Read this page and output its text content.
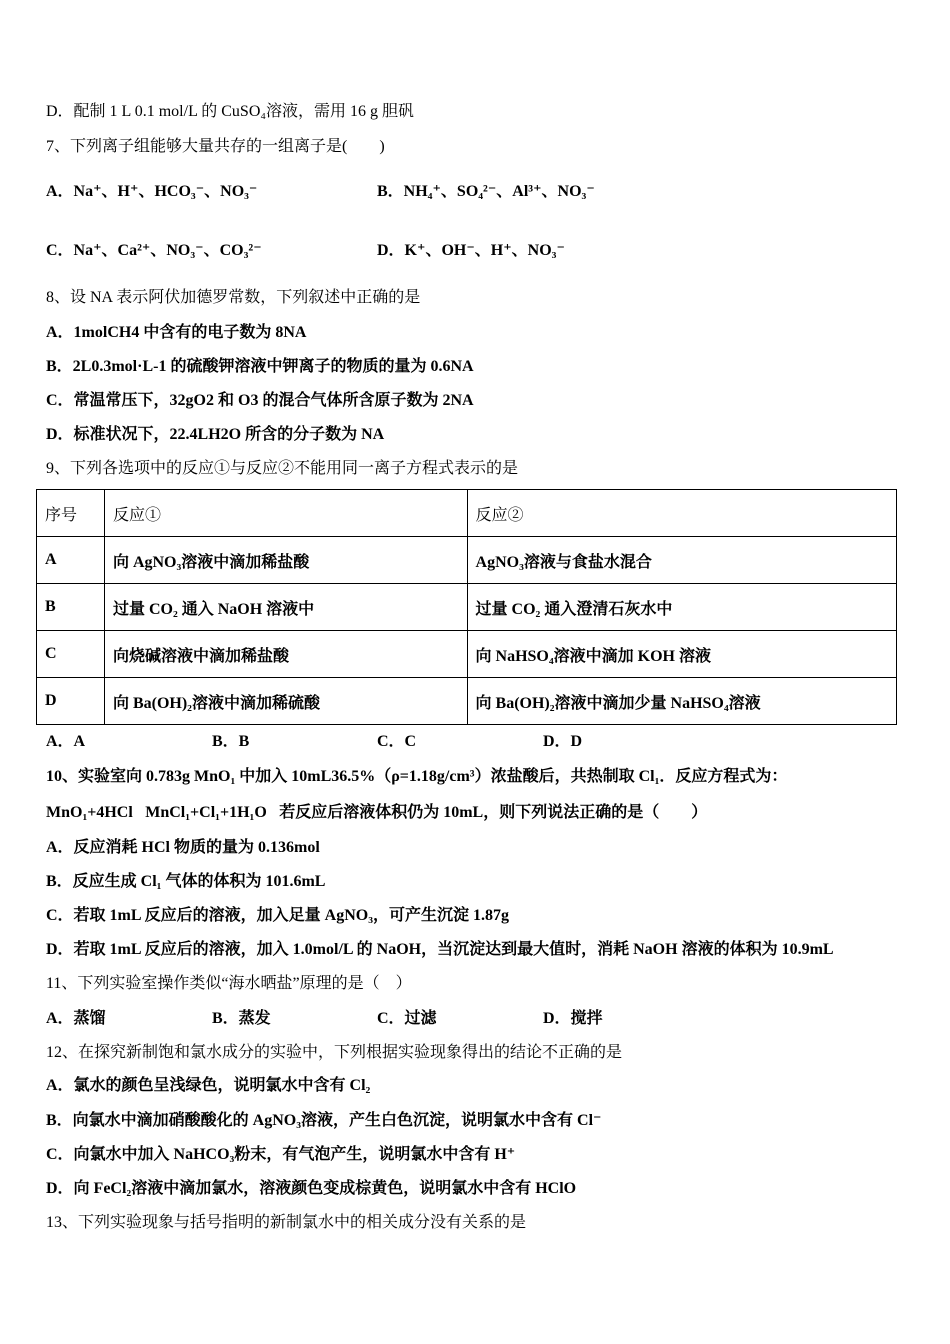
D．配制 1 L 0.1 mol/L 的 CuSO₄溶液，需用 16 g 胆矾
7、下列离子组能够大量共存的一组离子是(　　)
A．Na⁺、H⁺、HCO₃⁻、NO₃⁻	B．NH₄⁺、SO₄²⁻、Al³⁺、NO₃⁻
C．Na⁺、Ca²⁺、NO₃⁻、CO₃²⁻	D．K⁺、OH⁻、H⁺、NO₃⁻
8、设 NA 表示阿伏加德罗常数，下列叙述中正确的是
A．1molCH4 中含有的电子数为 8NA
B．2L0.3mol·L-1 的硫酸钾溶液中钾离子的物质的量为 0.6NA
C．常温常压下，32gO2 和 O3 的混合气体所含原子数为 2NA
D．标准状况下，22.4LH2O 所含的分子数为 NA
9、下列各选项中的反应①与反应②不能用同一离子方程式表示的是
序号	反应①	反应②
A	向 AgNO₃溶液中滴加稀盐酸	AgNO₃溶液与食盐水混合
B	过量 CO₂ 通入 NaOH 溶液中	过量 CO₂ 通入澄清石灰水中
C	向烧碱溶液中滴加稀盐酸	向 NaHSO₄溶液中滴加 KOH 溶液
D	向 Ba(OH)₂溶液中滴加稀硫酸	向 Ba(OH)₂溶液中滴加少量 NaHSO₄溶液
A．A	B．B	C．C	D．D
10、实验室向 0.783g MnO₁ 中加入 10mL36.5%（ρ=1.18g/cm³）浓盐酸后，共热制取 Cl₁．反应方程式为：
MnO₁+4HCl MnCl₁+Cl₁+1H₁O，若反应后溶液体积仍为 10mL，则下列说法正确的是（　　）
A．反应消耗 HCl 物质的量为 0.136mol
B．反应生成 Cl₁ 气体的体积为 101.6mL
C．若取 1mL 反应后的溶液，加入足量 AgNO₃，可产生沉淀 1.87g
D．若取 1mL 反应后的溶液，加入 1.0mol/L 的 NaOH，当沉淀达到最大值时，消耗 NaOH 溶液的体积为 10.9mL
11、下列实验室操作类似“海水晒盐”原理的是（　）
A．蒸馏	B．蒸发	C．过滤	D．搅拌
12、在探究新制饱和氯水成分的实验中，下列根据实验现象得出的结论不正确的是
A．氯水的颜色呈浅绿色，说明氯水中含有 Cl₂
B．向氯水中滴加硝酸酸化的 AgNO₃溶液，产生白色沉淀，说明氯水中含有 Cl⁻
C．向氯水中加入 NaHCO₃粉末，有气泡产生，说明氯水中含有 H⁺
D．向 FeCl₂溶液中滴加氯水，溶液颜色变成棕黄色，说明氯水中含有 HClO
13、下列实验现象与括号指明的新制氯水中的相关成分没有关系的是
